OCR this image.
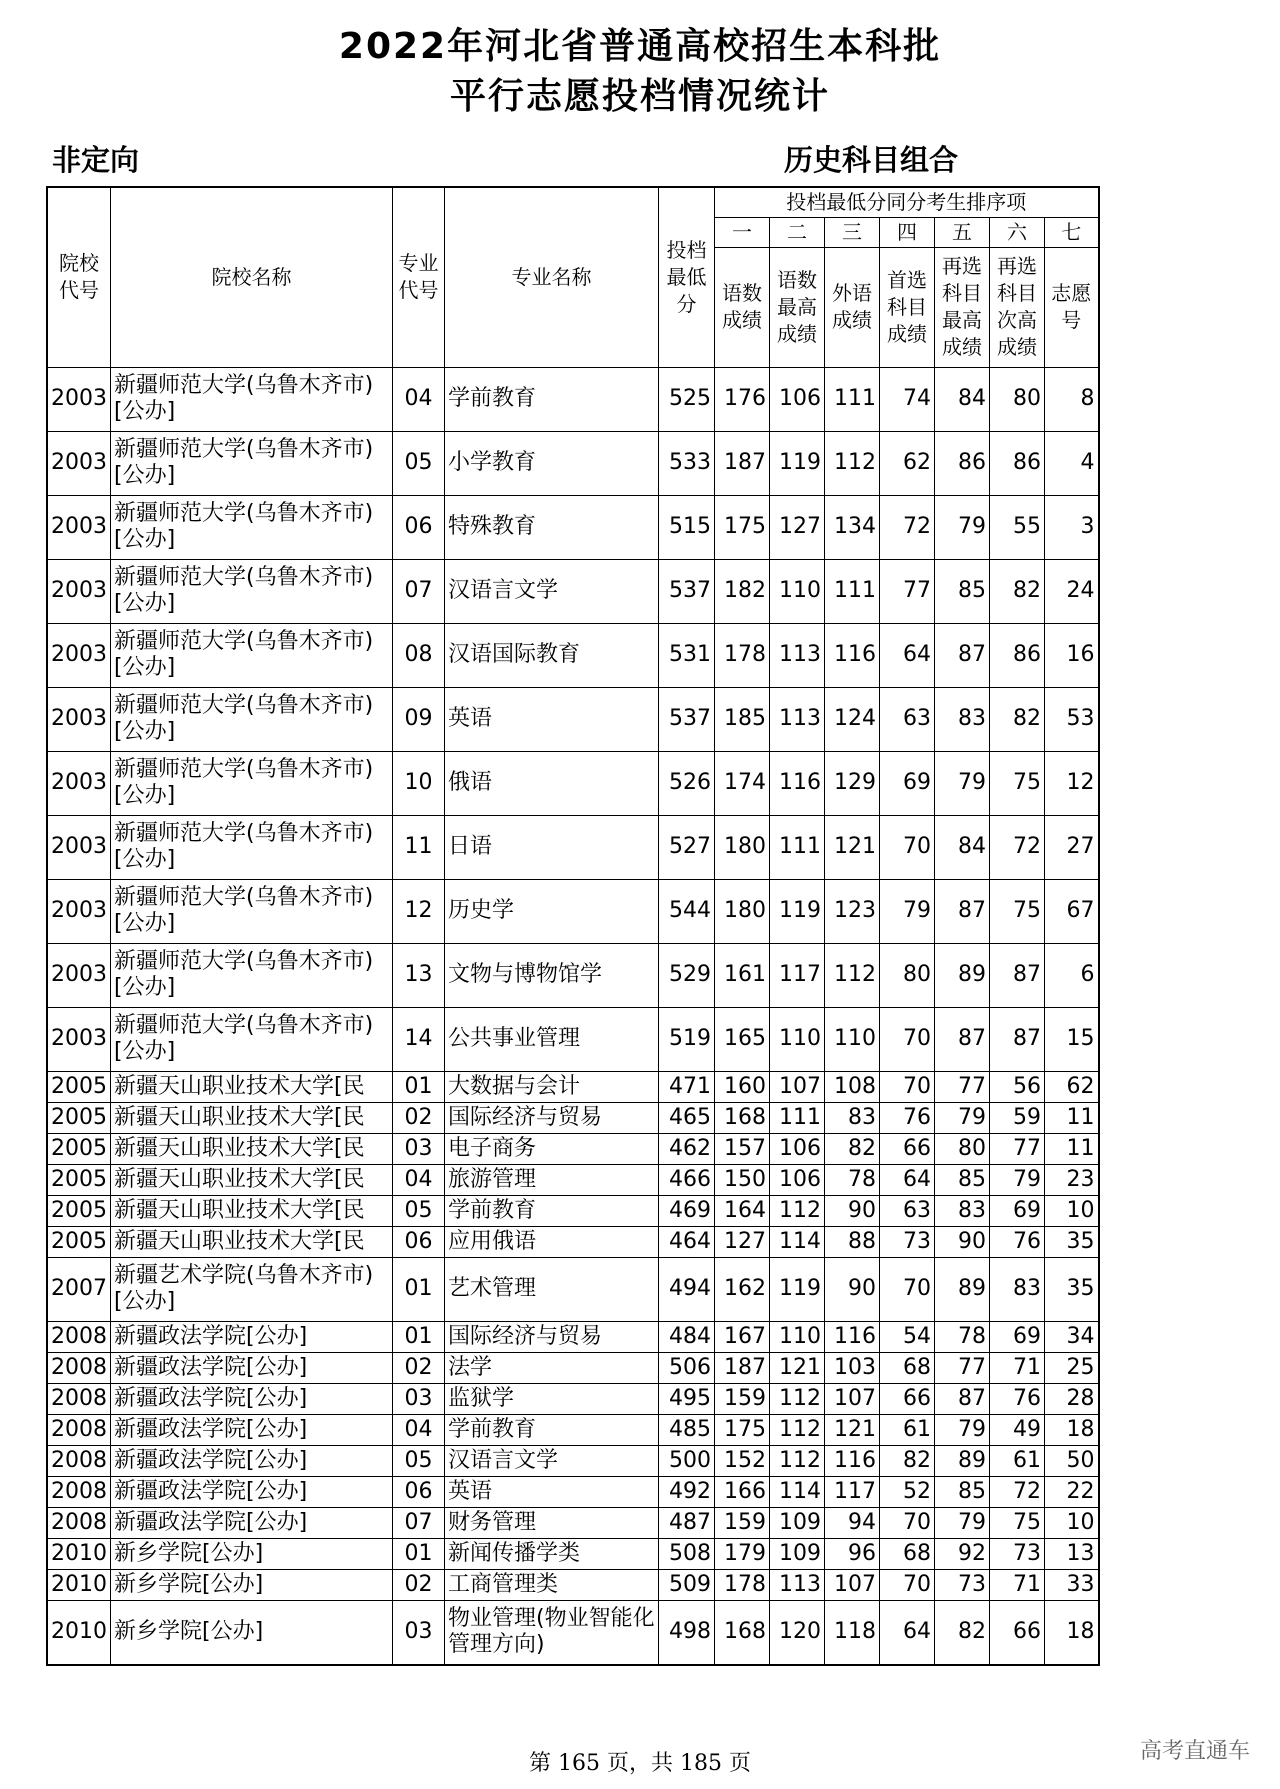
2022年河北省普通高校招生本科批
平行志愿投档情况统计
非定向	历史科目组合
院校代号	院校名称	专业代号	专业名称	投档最低分	投档最低分同分考生排序项						
					一	二	三	四	五	六	七
					语数成绩	语数最高成绩	外语成绩	首选科目成绩	再选科目最高成绩	再选科目次高成绩	志愿号
2003	新疆师范大学(乌鲁木齐市)[公办]	04	学前教育	525	176	106	111	74	84	80	8
2003	新疆师范大学(乌鲁木齐市)[公办]	05	小学教育	533	187	119	112	62	86	86	4
2003	新疆师范大学(乌鲁木齐市)[公办]	06	特殊教育	515	175	127	134	72	79	55	3
2003	新疆师范大学(乌鲁木齐市)[公办]	07	汉语言文学	537	182	110	111	77	85	82	24
2003	新疆师范大学(乌鲁木齐市)[公办]	08	汉语国际教育	531	178	113	116	64	87	86	16
2003	新疆师范大学(乌鲁木齐市)[公办]	09	英语	537	185	113	124	63	83	82	53
2003	新疆师范大学(乌鲁木齐市)[公办]	10	俄语	526	174	116	129	69	79	75	12
2003	新疆师范大学(乌鲁木齐市)[公办]	11	日语	527	180	111	121	70	84	72	27
2003	新疆师范大学(乌鲁木齐市)[公办]	12	历史学	544	180	119	123	79	87	75	67
2003	新疆师范大学(乌鲁木齐市)[公办]	13	文物与博物馆学	529	161	117	112	80	89	87	6
2003	新疆师范大学(乌鲁木齐市)[公办]	14	公共事业管理	519	165	110	110	70	87	87	15
2005	新疆天山职业技术大学[民	01	大数据与会计	471	160	107	108	70	77	56	62
2005	新疆天山职业技术大学[民	02	国际经济与贸易	465	168	111	83	76	79	59	11
2005	新疆天山职业技术大学[民	03	电子商务	462	157	106	82	66	80	77	11
2005	新疆天山职业技术大学[民	04	旅游管理	466	150	106	78	64	85	79	23
2005	新疆天山职业技术大学[民	05	学前教育	469	164	112	90	63	83	69	10
2005	新疆天山职业技术大学[民	06	应用俄语	464	127	114	88	73	90	76	35
2007	新疆艺术学院(乌鲁木齐市)[公办]	01	艺术管理	494	162	119	90	70	89	83	35
2008	新疆政法学院[公办]	01	国际经济与贸易	484	167	110	116	54	78	69	34
2008	新疆政法学院[公办]	02	法学	506	187	121	103	68	77	71	25
2008	新疆政法学院[公办]	03	监狱学	495	159	112	107	66	87	76	28
2008	新疆政法学院[公办]	04	学前教育	485	175	112	121	61	79	49	18
2008	新疆政法学院[公办]	05	汉语言文学	500	152	112	116	82	89	61	50
2008	新疆政法学院[公办]	06	英语	492	166	114	117	52	85	72	22
2008	新疆政法学院[公办]	07	财务管理	487	159	109	94	70	79	75	10
2010	新乡学院[公办]	01	新闻传播学类	508	179	109	96	68	92	73	13
2010	新乡学院[公办]	02	工商管理类	509	178	113	107	70	73	71	33
2010	新乡学院[公办]	03	物业管理(物业智能化管理方向)	498	168	120	118	64	82	66	18
第 165 页，共 185 页	高考直通车
